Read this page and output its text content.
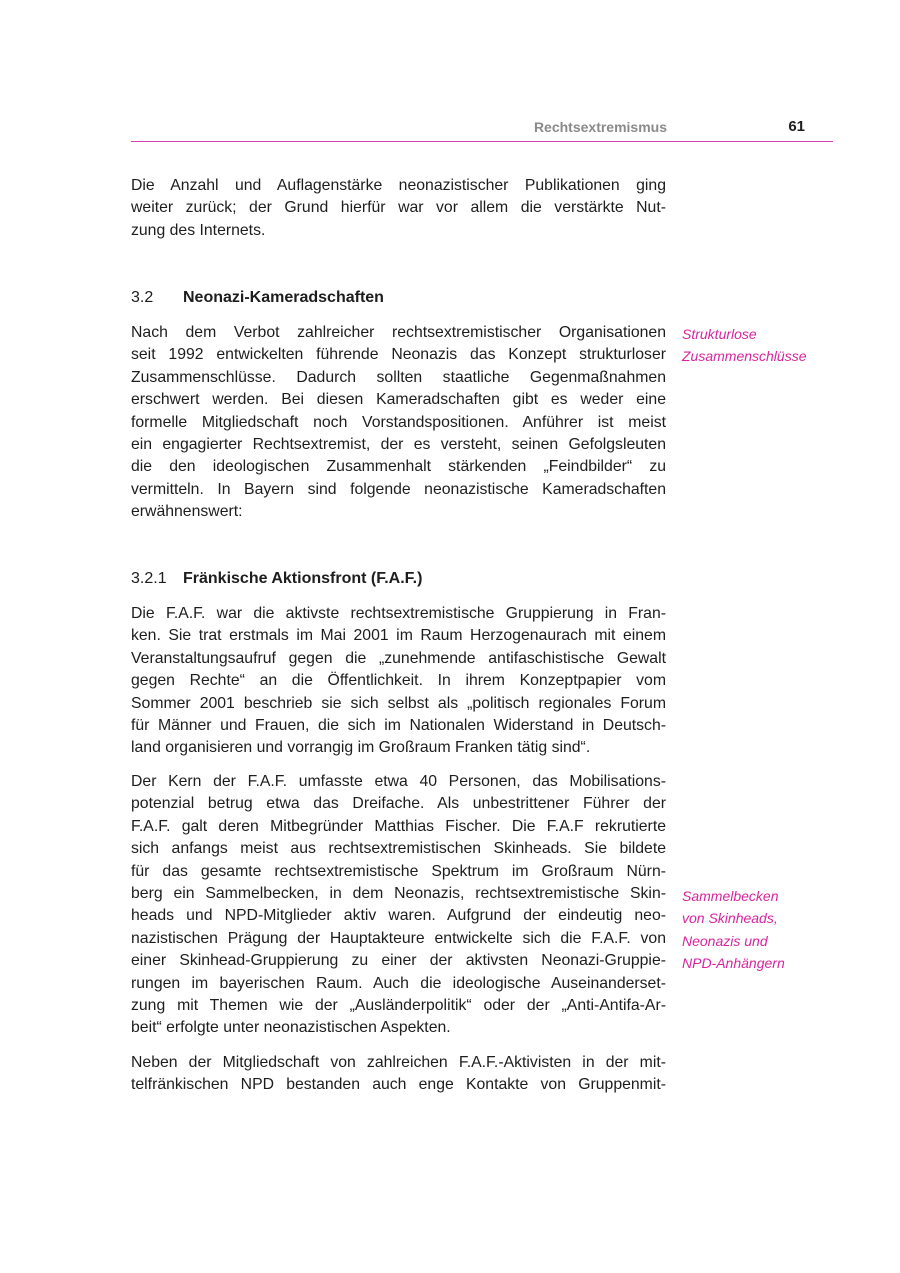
Rechtsextremismus	61

Die Anzahl und Auflagenstärke neonazistischer Publikationen ging
weiter zurück; der Grund hierfür war vor allem die verstärkte Nut-
zung des Internets.

3.2 Neonazi-Kameradschaften

Nach dem Verbot zahlreicher rechtsextremistischer Organisationen
seit 1992 entwickelten führende Neonazis das Konzept strukturloser
Zusammenschlüsse. Dadurch sollten staatliche Gegenmaßnahmen
erschwert werden. Bei diesen Kameradschaften gibt es weder eine
formelle Mitgliedschaft noch Vorstandspositionen. Anführer ist meist
ein engagierter Rechtsextremist, der es versteht, seinen Gefolgsleuten
die den ideologischen Zusammenhalt stärkenden „Feindbilder“ zu
vermitteln. In Bayern sind folgende neonazistische Kameradschaften
erwähnenswert:

Strukturlose
Zusammenschlüsse
3.2.1 Fränkische Aktionsfront (F.A.F.)

Die F.A.F. war die aktivste rechtsextremistische Gruppierung in Fran-
ken. Sie trat erstmals im Mai 2001 im Raum Herzogenaurach mit einem
Veranstaltungsaufruf gegen die „zunehmende antifaschistische Gewalt
gegen Rechte“ an die Öffentlichkeit. In ihrem Konzeptpapier vom
Sommer 2001 beschrieb sie sich selbst als „politisch regionales Forum
für Männer und Frauen, die sich im Nationalen Widerstand in Deutsch-
land organisieren und vorrangig im Großraum Franken tätig sind“.

Der Kern der F.A.F. umfasste etwa 40 Personen, das Mobilisations-
potenzial betrug etwa das Dreifache. Als unbestrittener Führer der
F.A.F. galt deren Mitbegründer Matthias Fischer. Die F.A.F rekrutierte
sich anfangs meist aus rechtsextremistischen Skinheads. Sie bildete
für das gesamte rechtsextremistische Spektrum im Großraum Nürn-
berg ein Sammelbecken, in dem Neonazis, rechtsextremistische Skin-
heads und NPD-Mitglieder aktiv waren. Aufgrund der eindeutig neo-
nazistischen Prägung der Hauptakteure entwickelte sich die F.A.F. von
einer Skinhead-Gruppierung zu einer der aktivsten Neonazi-Gruppie-
rungen im bayerischen Raum. Auch die ideologische Auseinanderset-
zung mit Themen wie der „Ausländerpolitik“ oder der „Anti-Antifa-Ar-
beit“ erfolgte unter neonazistischen Aspekten.

Sammelbecken
von Skinheads,
Neonazis und
NPD-Anhängern

Neben der Mitgliedschaft von zahlreichen F.A.F.-Aktivisten in der mit-
telfränkischen NPD bestanden auch enge Kontakte von Gruppenmit-
